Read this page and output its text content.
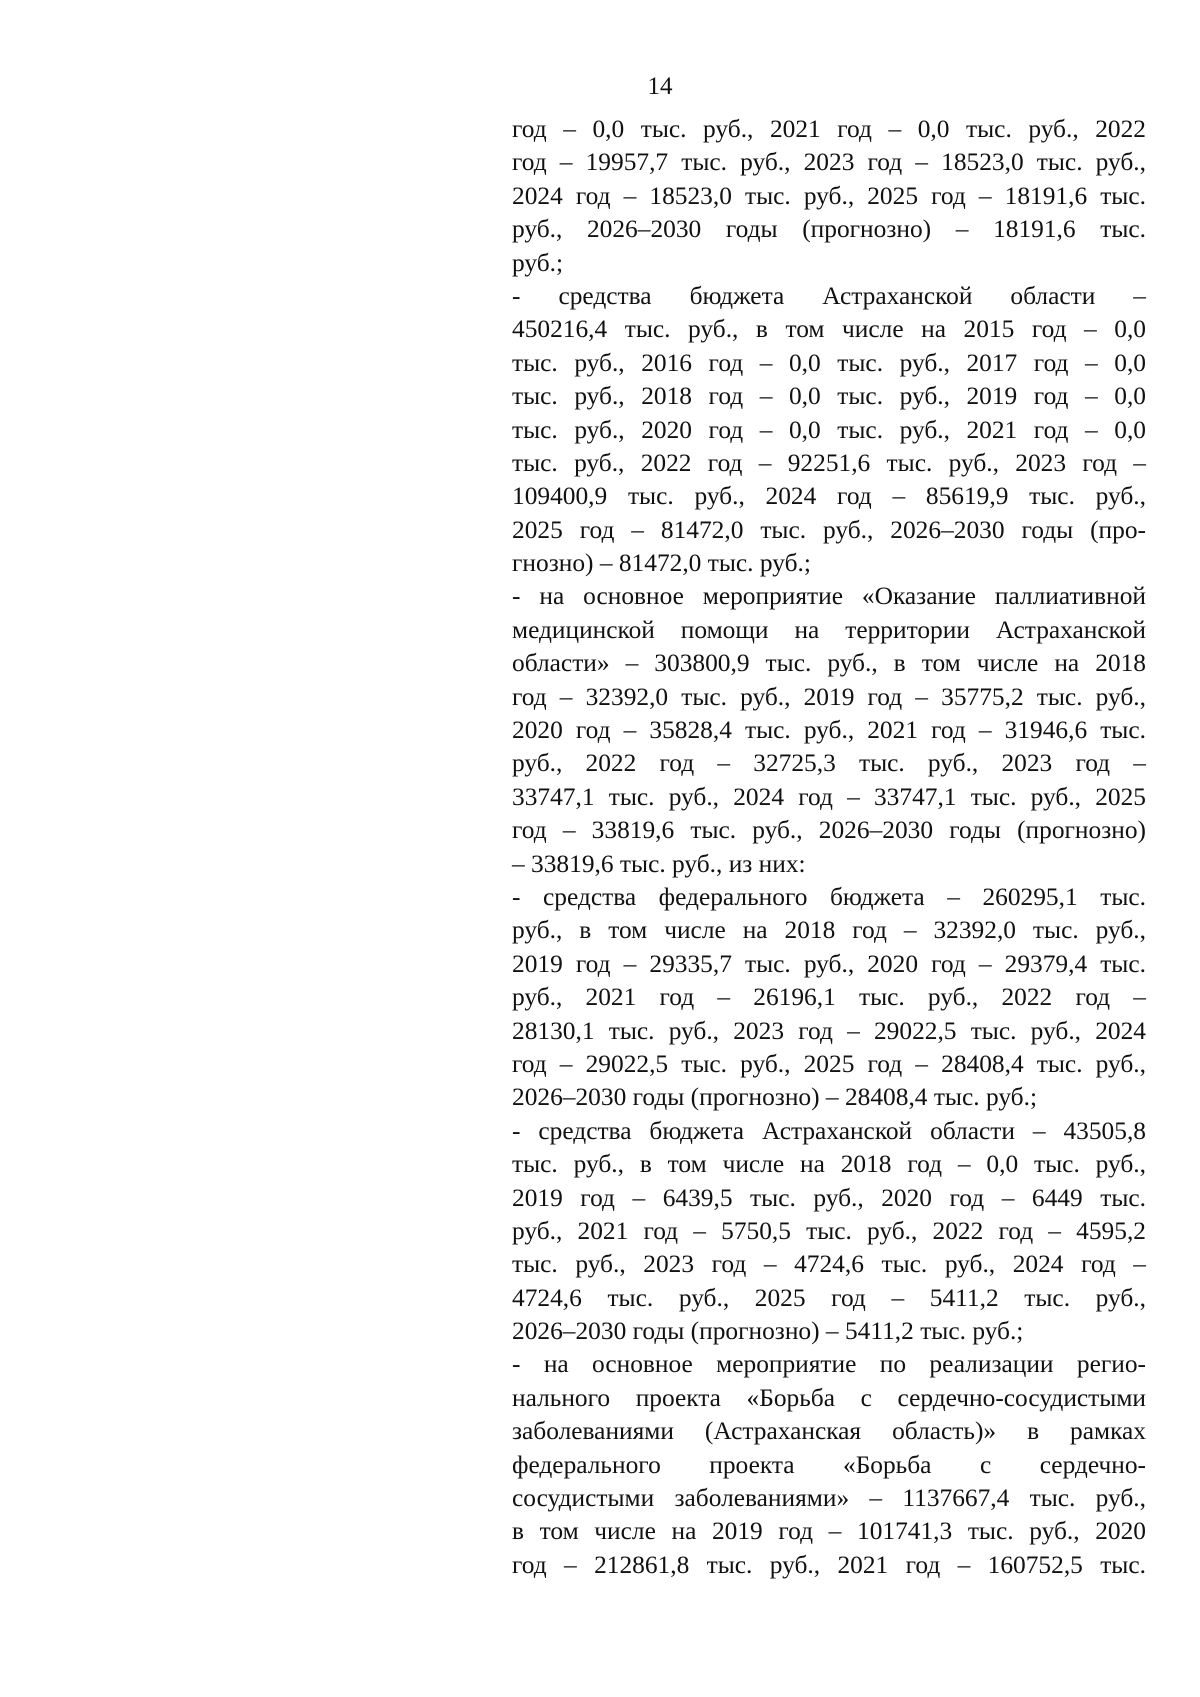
14
год – 0,0 тыс. руб., 2021 год – 0,0 тыс. руб., 2022
год – 19957,7 тыс. руб., 2023 год – 18523,0 тыс. руб.,
2024 год – 18523,0 тыс. руб., 2025 год – 18191,6 тыс.
руб., 2026–2030 годы (прогнозно) – 18191,6 тыс.
руб.;
- средства бюджета Астраханской области –
450216,4 тыс. руб., в том числе на 2015 год – 0,0
тыс. руб., 2016 год – 0,0 тыс. руб., 2017 год – 0,0
тыс. руб., 2018 год – 0,0 тыс. руб., 2019 год – 0,0
тыс. руб., 2020 год – 0,0 тыс. руб., 2021 год – 0,0
тыс. руб., 2022 год – 92251,6 тыс. руб., 2023 год –
109400,9 тыс. руб., 2024 год – 85619,9 тыс. руб.,
2025 год – 81472,0 тыс. руб., 2026–2030 годы (про-
гнозно) – 81472,0 тыс. руб.;
- на основное мероприятие «Оказание паллиативной
медицинской помощи на территории Астраханской
области» – 303800,9 тыс. руб., в том числе на 2018
год – 32392,0 тыс. руб., 2019 год – 35775,2 тыс. руб.,
2020 год – 35828,4 тыс. руб., 2021 год – 31946,6 тыс.
руб., 2022 год – 32725,3 тыс. руб., 2023 год –
33747,1 тыс. руб., 2024 год – 33747,1 тыс. руб., 2025
год – 33819,6 тыс. руб., 2026–2030 годы (прогнозно)
– 33819,6 тыс. руб., из них:
- средства федерального бюджета – 260295,1 тыс.
руб., в том числе на 2018 год – 32392,0 тыс. руб.,
2019 год – 29335,7 тыс. руб., 2020 год – 29379,4 тыс.
руб., 2021 год – 26196,1 тыс. руб., 2022 год –
28130,1 тыс. руб., 2023 год – 29022,5 тыс. руб., 2024
год – 29022,5 тыс. руб., 2025 год – 28408,4 тыс. руб.,
2026–2030 годы (прогнозно) – 28408,4 тыс. руб.;
- средства бюджета Астраханской области – 43505,8
тыс. руб., в том числе на 2018 год – 0,0 тыс. руб.,
2019 год – 6439,5 тыс. руб., 2020 год – 6449 тыс.
руб., 2021 год – 5750,5 тыс. руб., 2022 год – 4595,2
тыс. руб., 2023 год – 4724,6 тыс. руб., 2024 год –
4724,6 тыс. руб., 2025 год – 5411,2 тыс. руб.,
2026–2030 годы (прогнозно) – 5411,2 тыс. руб.;
- на основное мероприятие по реализации регио-
нального проекта «Борьба с сердечно-сосудистыми
заболеваниями (Астраханская область)» в рамках
федерального проекта «Борьба с сердечно-
сосудистыми заболеваниями» – 1137667,4 тыс. руб.,
в том числе на 2019 год – 101741,3 тыс. руб., 2020
год – 212861,8 тыс. руб., 2021 год – 160752,5 тыс.
